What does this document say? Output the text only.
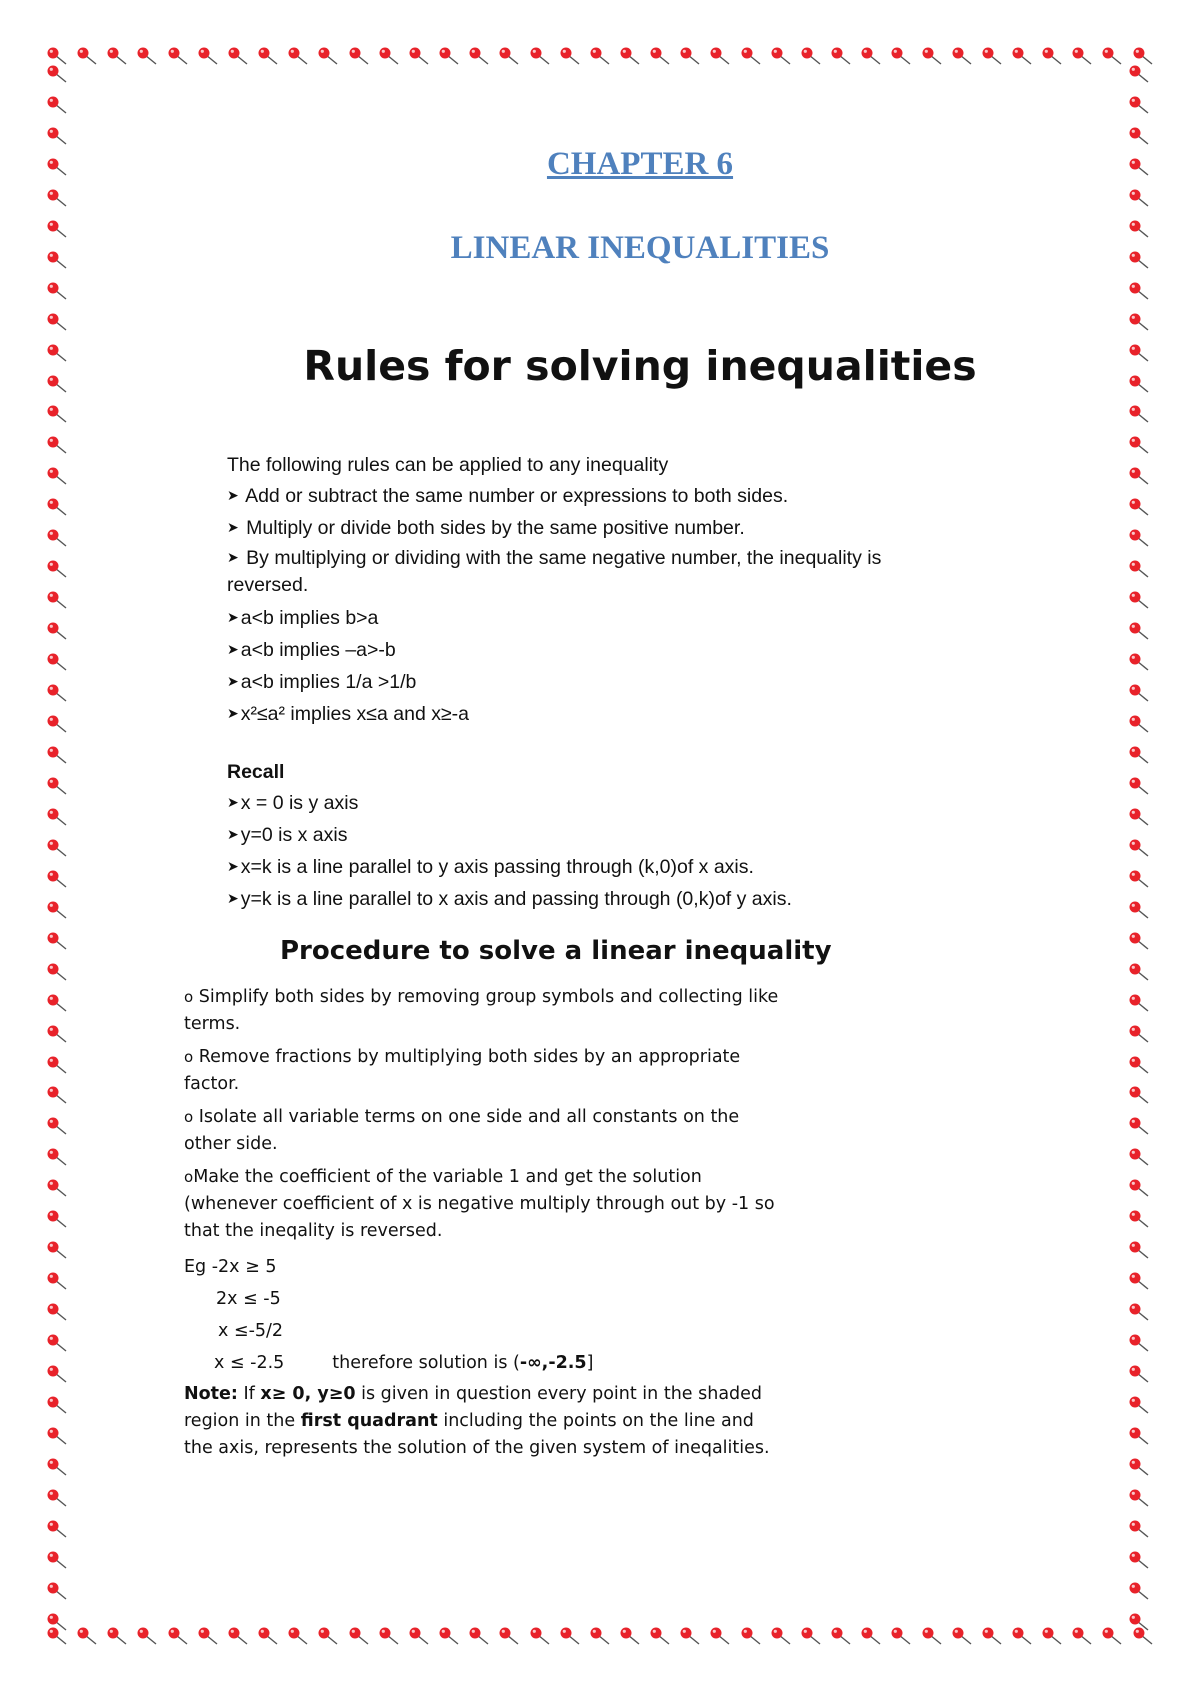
CHAPTER 6
LINEAR INEQUALITIES
Rules for solving inequalities

The following rules can be applied to any inequality

➤ Add or subtract the same number or expressions to both sides.

➤ Multiply or divide both sides by the same positive number.

➤ By multiplying or dividing with the same negative number, the inequality is reversed.

➤ a<b implies b>a

➤ a<b implies –a>-b

➤ a<b implies 1/a >1/b

➤ x²≤a² implies x≤a and x≥-a

Recall

➤ x = 0 is y axis

➤ y=0 is x axis

➤ x=k is a line parallel to y axis passing through (k,0)of x axis.

➤ y=k is a line parallel to x axis and passing through (0,k)of y axis.

Procedure to solve a linear inequality

o Simplify both sides by removing group symbols and collecting like terms.

o Remove fractions by multiplying both sides by an appropriate factor.

o Isolate all variable terms on one side and all constants on the other side.

oMake the coefficient of the variable 1 and get the solution (whenever coefficient of x is negative multiply through out by -1 so that the ineqality is reversed.

Eg -2x ≥ 5

2x ≤ -5

x ≤-5/2

x ≤ -2.5	therefore solution is (-∞,-2.5]

Note: If x≥ 0, y≥0 is given in question every point in the shaded region in the first quadrant including the points on the line and the axis, represents the solution of the given system of ineqalities.
